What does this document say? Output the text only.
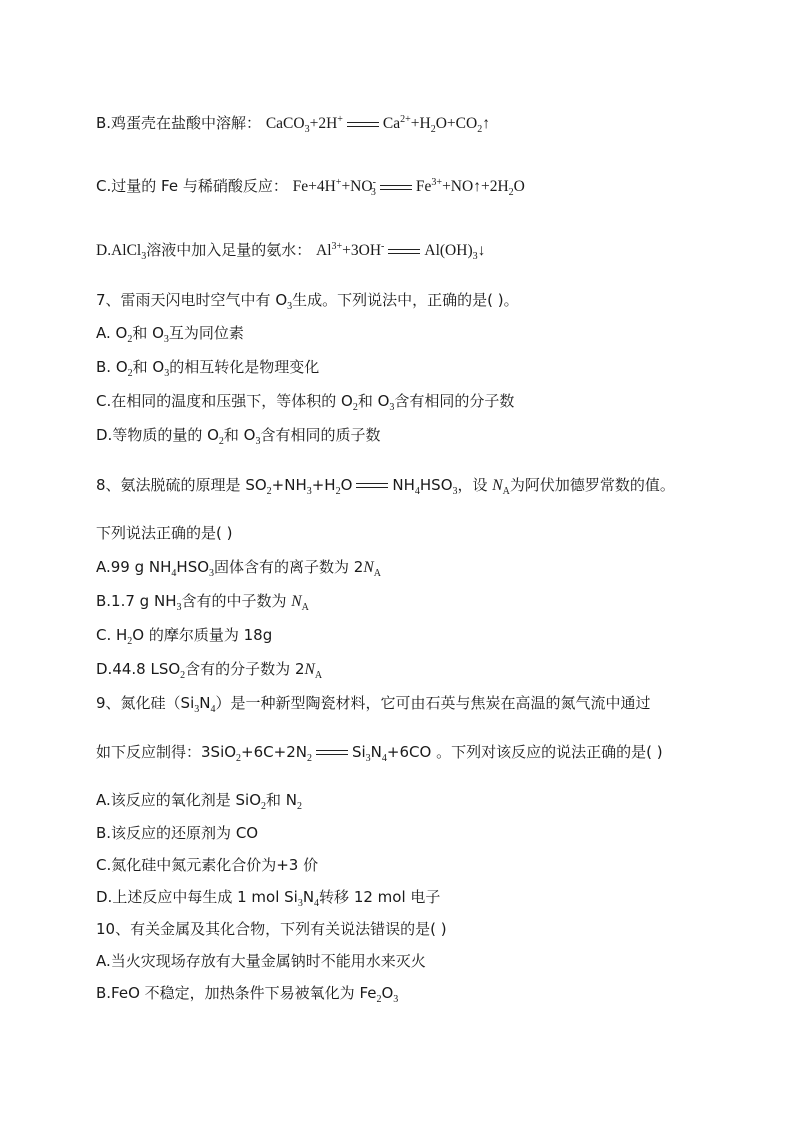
B.鸡蛋壳在盐酸中溶解： CaCO$_3$+2H+	$Ca^{2+}+H_2O+CO_2↑$
C.过量的 Fe 与稀硝酸反应： $Fe+4H^++NO^-_3$	$Fe^{3+}+NO↑+2H_2O$
D.AlCl$_3$溶液中加入足量的氨水： $Al^{3+}+3OH^-$	$Al(OH)_3↓$
7、雷雨天闪电时空气中有 $O_3$生成。下列说法中，正确的是( )。
A. $O_2$和 $O_3$互为同位素
B. $O_2$和 $O_3$的相互转化是物理变化
C.在相同的温度和压强下，等体积的 $O_2$和 $O_3$含有相同的分子数
D.等物质的量的 $O_2$和 $O_3$含有相同的质子数
8、氨法脱硫的原理是 $SO_2+NH_3+H_2O$	$NH_4HSO_3$，设 $N_A$为阿伏加德罗常数的值。
下列说法正确的是( )
A.99 g $NH_4HSO_3$固体含有的离子数为 $2N_A$
B.1.7 g $NH_3$含有的中子数为 $N_A$
C. $H_2O$ 的摩尔质量为 18g
D.44.8 $LSO_2$含有的分子数为 $2N_A$
9、氮化硅$(Si_3N_4)$是一种新型陶瓷材料，它可由石英与焦炭在高温的氮气流中通过
如下反应制得：$3SiO_2+6C+2N_2$	$Si_3N_4+6CO$ 。下列对该反应的说法正确的是( )
A.该反应的氧化剂是 SiO$_2$和 $N_2$
B.该反应的还原剂为 CO
C.氮化硅中氮元素化合价为+3 价
D.上述反应中每生成 1 mol $Si_3N_4$转移 12 mol 电子
10、有关金属及其化合物，下列有关说法错误的是( )
A.当火灾现场存放有大量金属钠时不能用水来灭火
B.FeO 不稳定，加热条件下易被氧化为 $Fe_2O_3$
